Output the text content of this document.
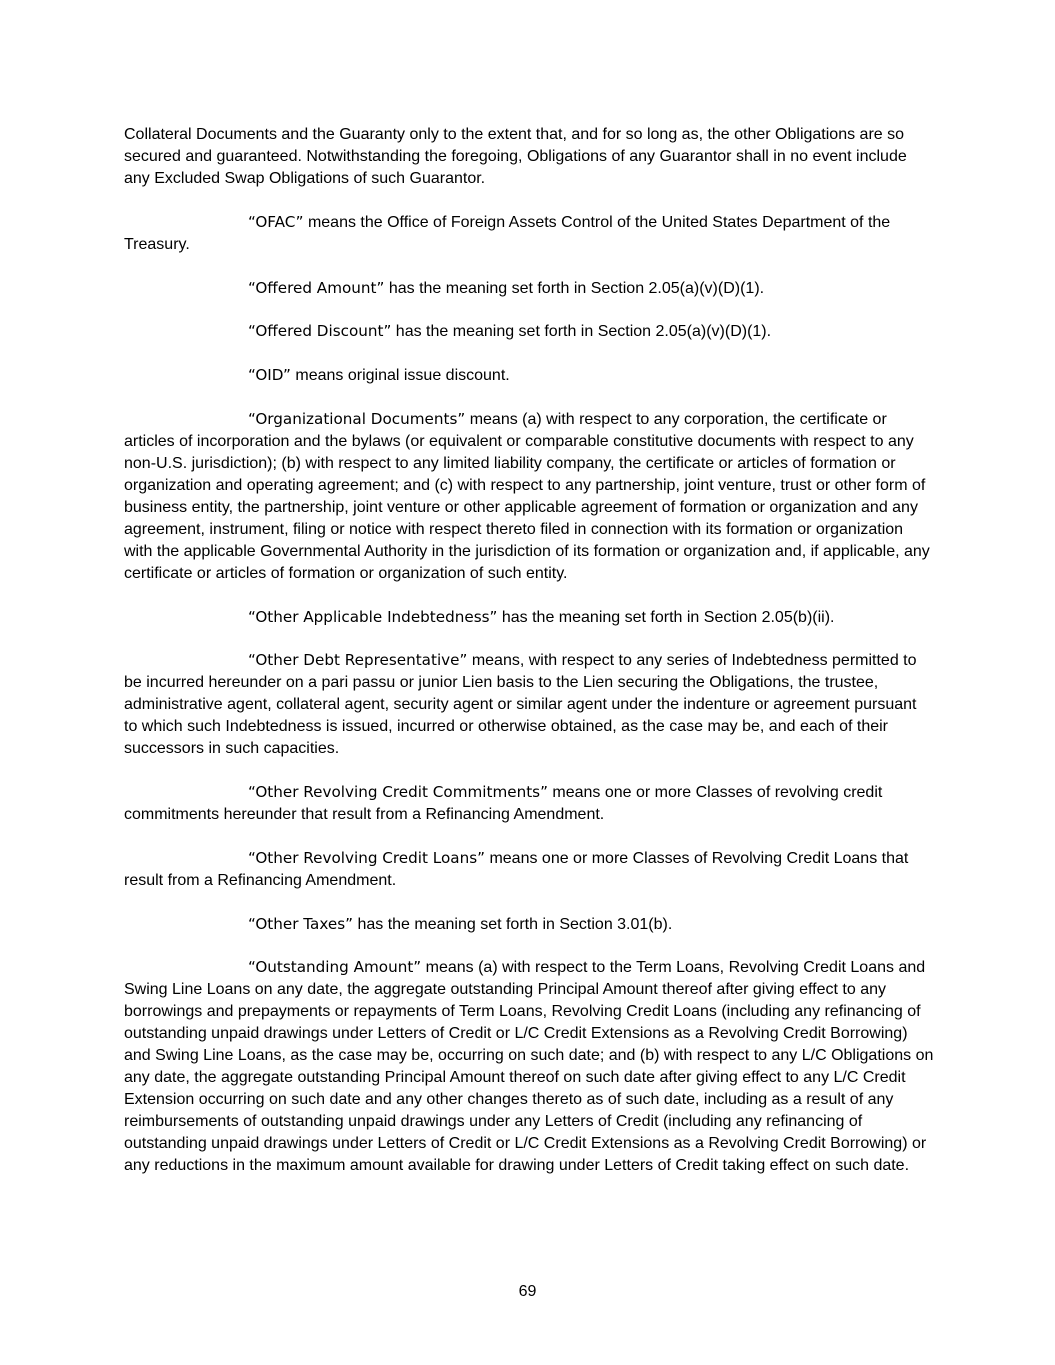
Collateral Documents and the Guaranty only to the extent that, and for so long as, the other Obligations are so secured and guaranteed. Notwithstanding the foregoing, Obligations of any Guarantor shall in no event include any Excluded Swap Obligations of such Guarantor.

“OFAC” means the Office of Foreign Assets Control of the United States Department of the Treasury.

“Offered Amount” has the meaning set forth in Section 2.05(a)(v)(D)(1).

“Offered Discount” has the meaning set forth in Section 2.05(a)(v)(D)(1).

“OID” means original issue discount.

“Organizational Documents” means (a) with respect to any corporation, the certificate or articles of incorporation and the bylaws (or equivalent or comparable constitutive documents with respect to any non-U.S. jurisdiction); (b) with respect to any limited liability company, the certificate or articles of formation or organization and operating agreement; and (c) with respect to any partnership, joint venture, trust or other form of business entity, the partnership, joint venture or other applicable agreement of formation or organization and any agreement, instrument, filing or notice with respect thereto filed in connection with its formation or organization with the applicable Governmental Authority in the jurisdiction of its formation or organization and, if applicable, any certificate or articles of formation or organization of such entity.

“Other Applicable Indebtedness” has the meaning set forth in Section 2.05(b)(ii).

“Other Debt Representative” means, with respect to any series of Indebtedness permitted to be incurred hereunder on a pari passu or junior Lien basis to the Lien securing the Obligations, the trustee, administrative agent, collateral agent, security agent or similar agent under the indenture or agreement pursuant to which such Indebtedness is issued, incurred or otherwise obtained, as the case may be, and each of their successors in such capacities.

“Other Revolving Credit Commitments” means one or more Classes of revolving credit commitments hereunder that result from a Refinancing Amendment.

“Other Revolving Credit Loans” means one or more Classes of Revolving Credit Loans that result from a Refinancing Amendment.

“Other Taxes” has the meaning set forth in Section 3.01(b).

“Outstanding Amount” means (a) with respect to the Term Loans, Revolving Credit Loans and Swing Line Loans on any date, the aggregate outstanding Principal Amount thereof after giving effect to any borrowings and prepayments or repayments of Term Loans, Revolving Credit Loans (including any refinancing of outstanding unpaid drawings under Letters of Credit or L/C Credit Extensions as a Revolving Credit Borrowing) and Swing Line Loans, as the case may be, occurring on such date; and (b) with respect to any L/C Obligations on any date, the aggregate outstanding Principal Amount thereof on such date after giving effect to any L/C Credit Extension occurring on such date and any other changes thereto as of such date, including as a result of any reimbursements of outstanding unpaid drawings under any Letters of Credit (including any refinancing of outstanding unpaid drawings under Letters of Credit or L/C Credit Extensions as a Revolving Credit Borrowing) or any reductions in the maximum amount available for drawing under Letters of Credit taking effect on such date.

69
